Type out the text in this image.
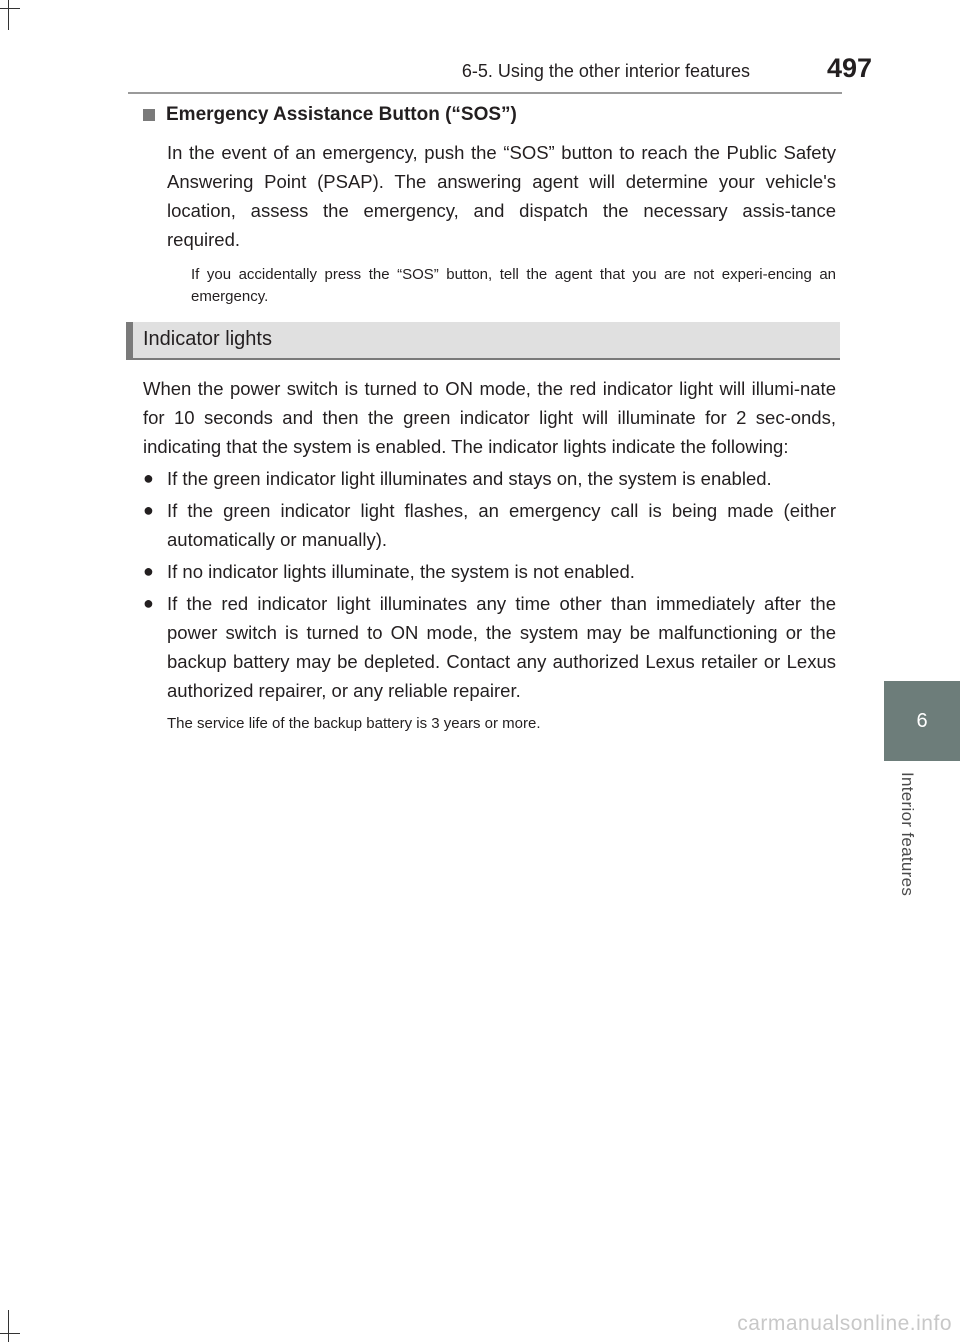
6-5. Using the other interior features	497
6
Interior features
Emergency Assistance Button (“SOS”)
In the event of an emergency, push the “SOS” button to reach the Public Safety Answering Point (PSAP). The answering agent will determine your vehicle's location, assess the emergency, and dispatch the necessary assis-tance required.
If you accidentally press the “SOS” button, tell the agent that you are not experi-encing an emergency.
Indicator lights
When the power switch is turned to ON mode, the red indicator light will illumi-nate for 10 seconds and then the green indicator light will illuminate for 2 sec-onds, indicating that the system is enabled. The indicator lights indicate the following:
● If the green indicator light illuminates and stays on, the system is enabled.
● If the green indicator light flashes, an emergency call is being made (either automatically or manually).
● If no indicator lights illuminate, the system is not enabled.
● If the red indicator light illuminates any time other than immediately after the power switch is turned to ON mode, the system may be malfunctioning or the backup battery may be depleted. Contact any authorized Lexus retailer or Lexus authorized repairer, or any reliable repairer.
The service life of the backup battery is 3 years or more.
carmanualsonline.info
